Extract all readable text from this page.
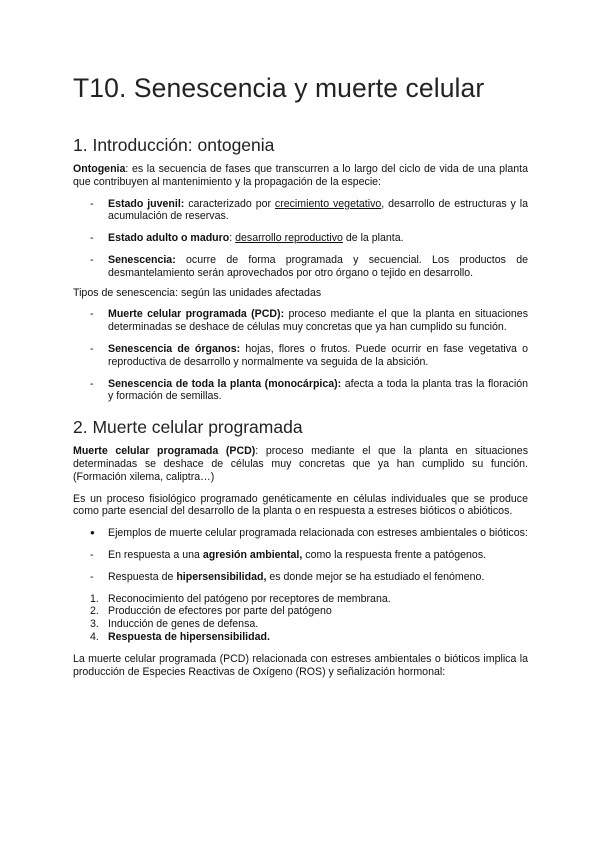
T10. Senescencia y muerte celular
1. Introducción: ontogenia

Ontogenia: es la secuencia de fases que transcurren a lo largo del ciclo de vida de una planta que contribuyen al mantenimiento y la propagación de la especie:

- Estado juvenil: caracterizado por crecimiento vegetativo, desarrollo de estructuras y la acumulación de reservas.
- Estado adulto o maduro: desarrollo reproductivo de la planta.
- Senescencia: ocurre de forma programada y secuencial. Los productos de desmantelamiento serán aprovechados por otro órgano o tejido en desarrollo.

Tipos de senescencia: según las unidades afectadas

- Muerte celular programada (PCD): proceso mediante el que la planta en situaciones determinadas se deshace de células muy concretas que ya han cumplido su función.
- Senescencia de órganos: hojas, flores o frutos. Puede ocurrir en fase vegetativa o reproductiva de desarrollo y normalmente va seguida de la absición.
- Senescencia de toda la planta (monocárpica): afecta a toda la planta tras la floración y formación de semillas.
2. Muerte celular programada

Muerte celular programada (PCD): proceso mediante el que la planta en situaciones determinadas se deshace de células muy concretas que ya han cumplido su función. (Formación xilema, caliptra…)

Es un proceso fisiológico programado genéticamente en células individuales que se produce como parte esencial del desarrollo de la planta o en respuesta a estreses bióticos o abióticos.

● Ejemplos de muerte celular programada relacionada con estreses ambientales o bióticos:
- En respuesta a una agresión ambiental, como la respuesta frente a patógenos.
- Respuesta de hipersensibilidad, es donde mejor se ha estudiado el fenómeno.
1. Reconocimiento del patógeno por receptores de membrana.
2. Producción de efectores por parte del patógeno
3. Inducción de genes de defensa.
4. Respuesta de hipersensibilidad.

La muerte celular programada (PCD) relacionada con estreses ambientales o bióticos implica la producción de Especies Reactivas de Oxígeno (ROS) y señalización hormonal:
